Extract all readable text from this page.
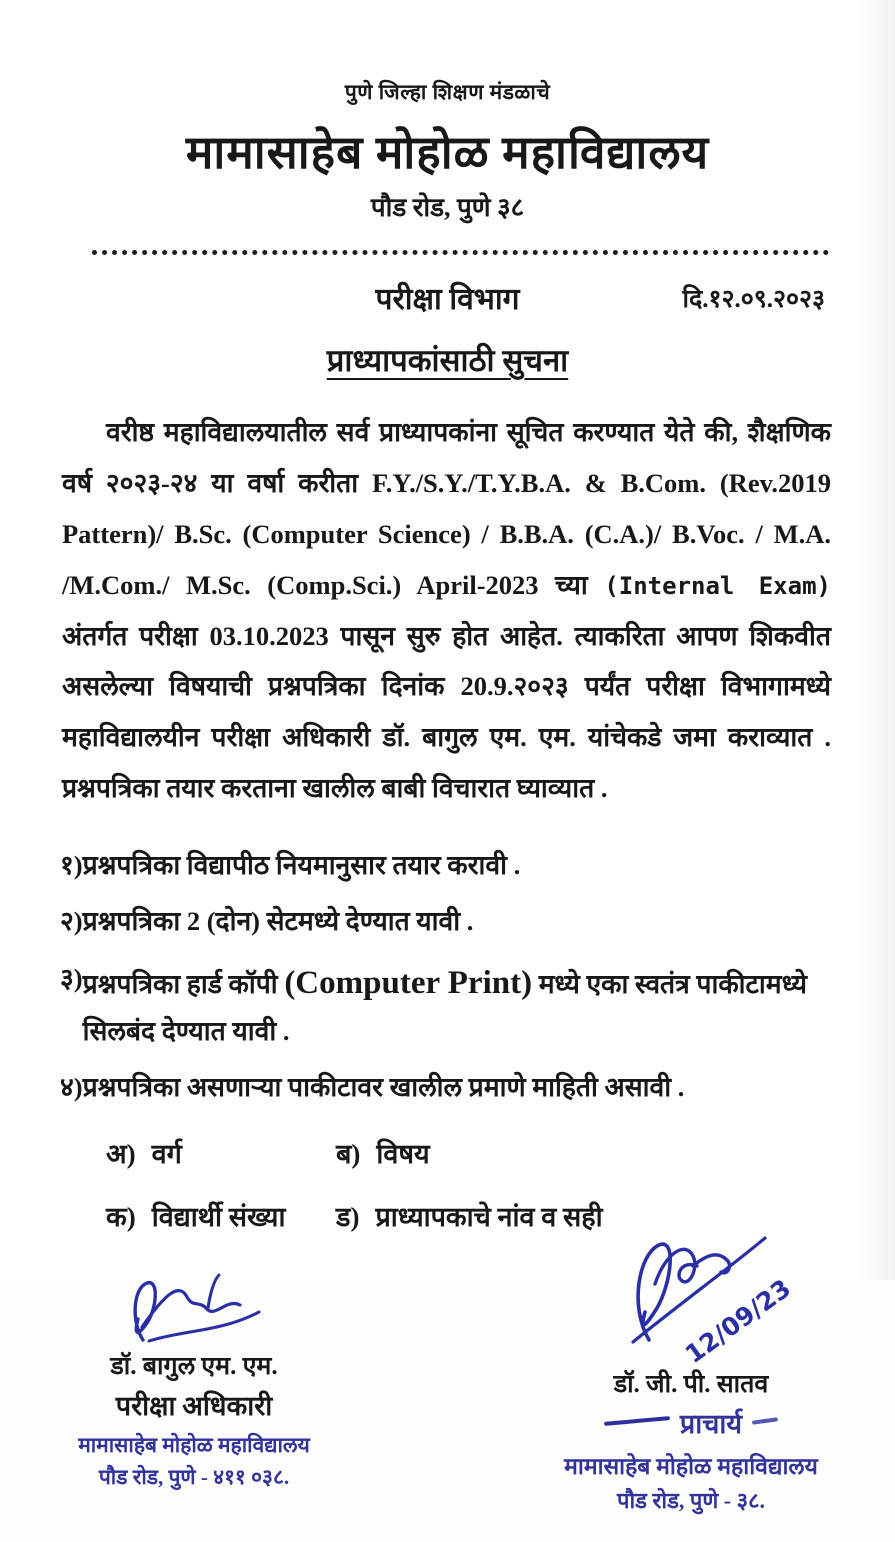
पुणे जिल्हा शिक्षण मंडळाचे
मामासाहेब मोहोळ महाविद्यालय
पौड रोड, पुणे ३८
परीक्षा विभाग	दि.१२.०९.२०२३
प्राध्यापकांसाठी सुचना

वरीष्ठ महाविद्यालयातील सर्व प्राध्यापकांना सूचित करण्यात येते की, शैक्षणिक वर्ष २०२३-२४ या वर्षा करीता F.Y./S.Y./T.Y.B.A. & B.Com. (Rev.2019 Pattern)/ B.Sc. (Computer Science) / B.B.A. (C.A.)/ B.Voc. / M.A. /M.Com./ M.Sc. (Comp.Sci.) April-2023 च्या (Internal Exam) अंतर्गत परीक्षा 03.10.2023 पासून सुरु होत आहेत. त्याकरिता आपण शिकवीत असलेल्या विषयाची प्रश्नपत्रिका दिनांक 20.9.२०२३ पर्यंत परीक्षा विभागामध्ये महाविद्यालयीन परीक्षा अधिकारी डॉ. बागुल एम. एम. यांचेकडे जमा कराव्यात . प्रश्नपत्रिका तयार करताना खालील बाबी विचारात घ्याव्यात .

१) प्रश्नपत्रिका विद्यापीठ नियमानुसार तयार करावी .
२) प्रश्नपत्रिका 2 (दोन) सेटमध्ये देण्यात यावी .
३) प्रश्नपत्रिका हार्ड कॉपी (Computer Print) मध्ये एका स्वतंत्र पाकीटामध्ये सिलबंद देण्यात यावी .
४) प्रश्नपत्रिका असणाऱ्या पाकीटावर खालील प्रमाणे माहिती असावी .
अ) वर्ग	ब) विषय
क) विद्यार्थी संख्या	ड) प्राध्यापकाचे नांव व सही
डॉ. बागुल एम. एम.
परीक्षा अधिकारी
मामासाहेब मोहोळ महाविद्यालय
पौड रोड, पुणे - ४११ ०३८.
12/09/23
डॉ. जी. पी. सातव
प्राचार्य
मामासाहेब मोहोळ महाविद्यालय
पौड रोड, पुणे - ३८.
